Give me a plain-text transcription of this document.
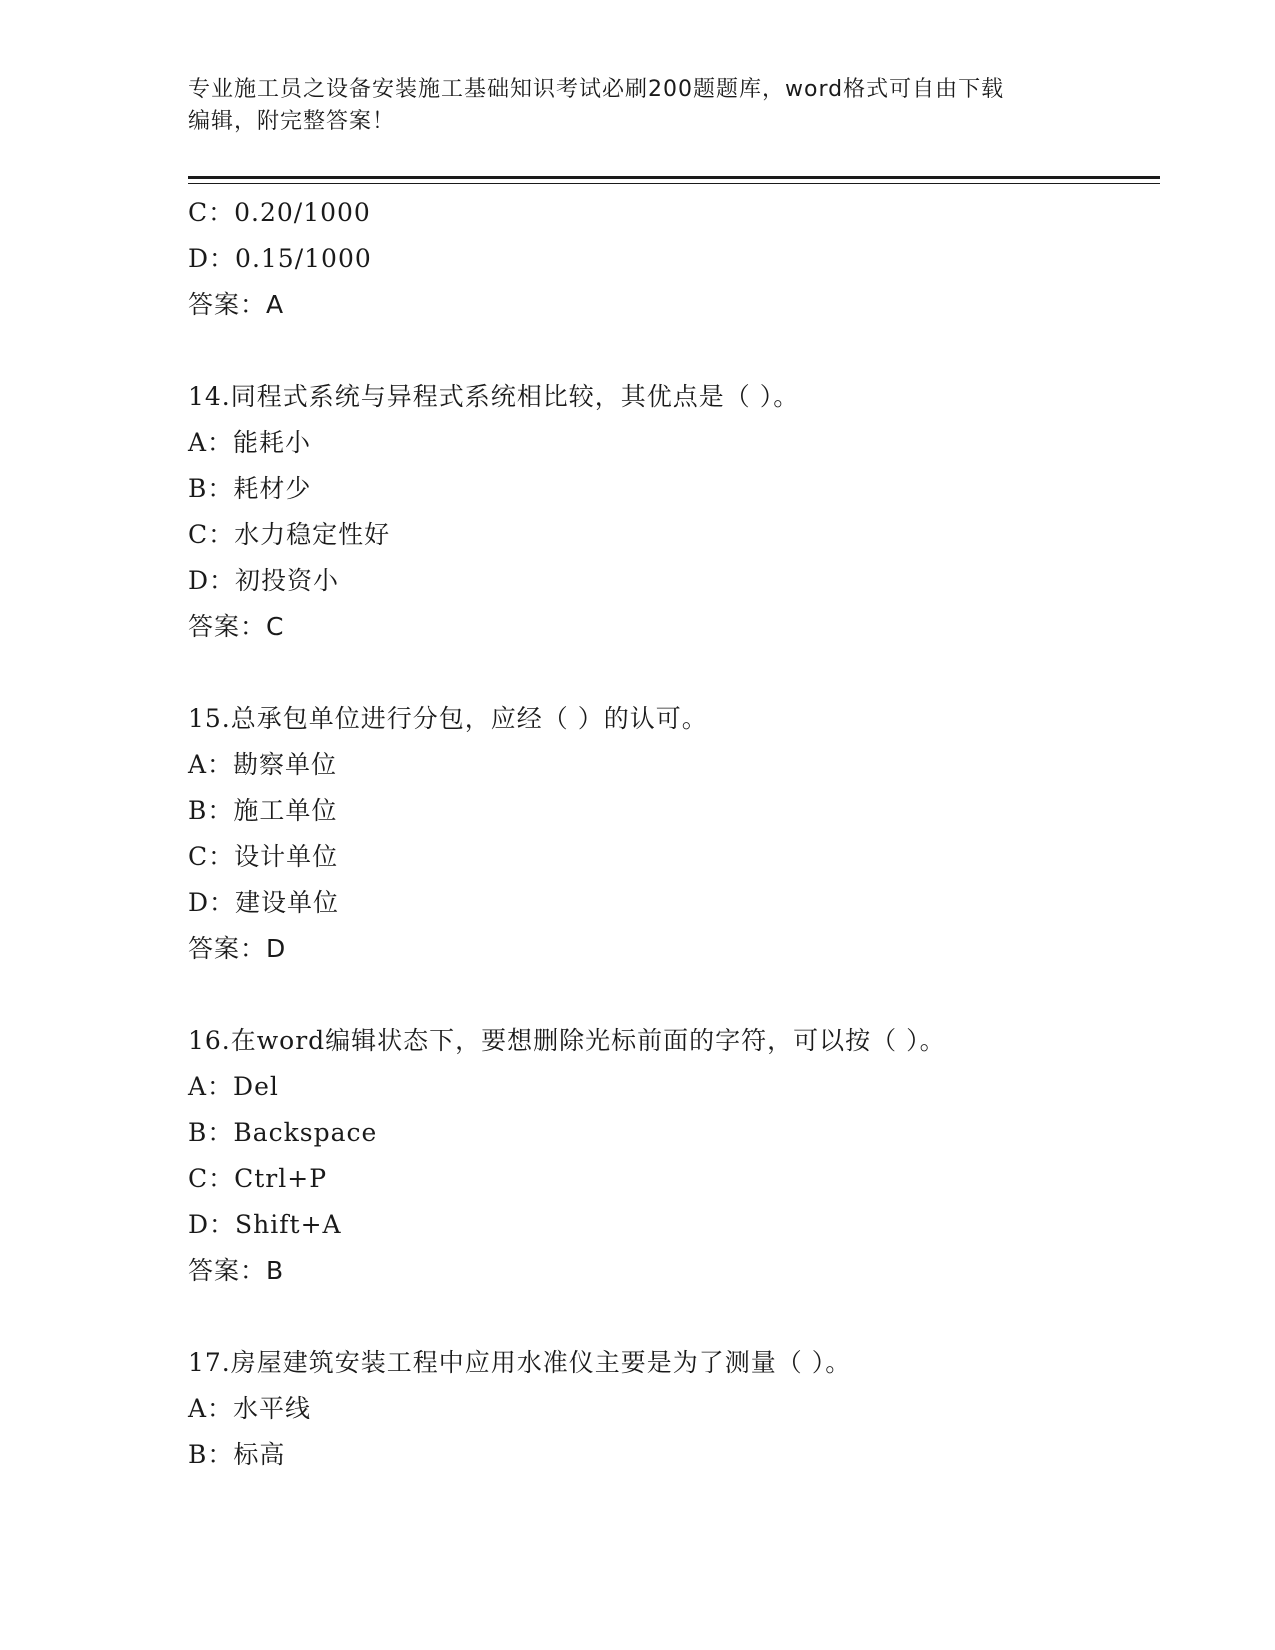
专业施工员之设备安装施工基础知识考试必刷200题题库，word格式可自由下载
编辑，附完整答案！
C：0.20/1000
D：0.15/1000
答案：A
14.同程式系统与异程式系统相比较，其优点是（ ）。
A：能耗小
B：耗材少
C：水力稳定性好
D：初投资小
答案：C
15.总承包单位进行分包，应经（ ）的认可。
A：勘察单位
B：施工单位
C：设计单位
D：建设单位
答案：D
16.在word编辑状态下，要想删除光标前面的字符，可以按（ ）。
A：Del
B：Backspace
C：Ctrl+P
D：Shift+A
答案：B
17.房屋建筑安装工程中应用水准仪主要是为了测量（ ）。
A：水平线
B：标高
